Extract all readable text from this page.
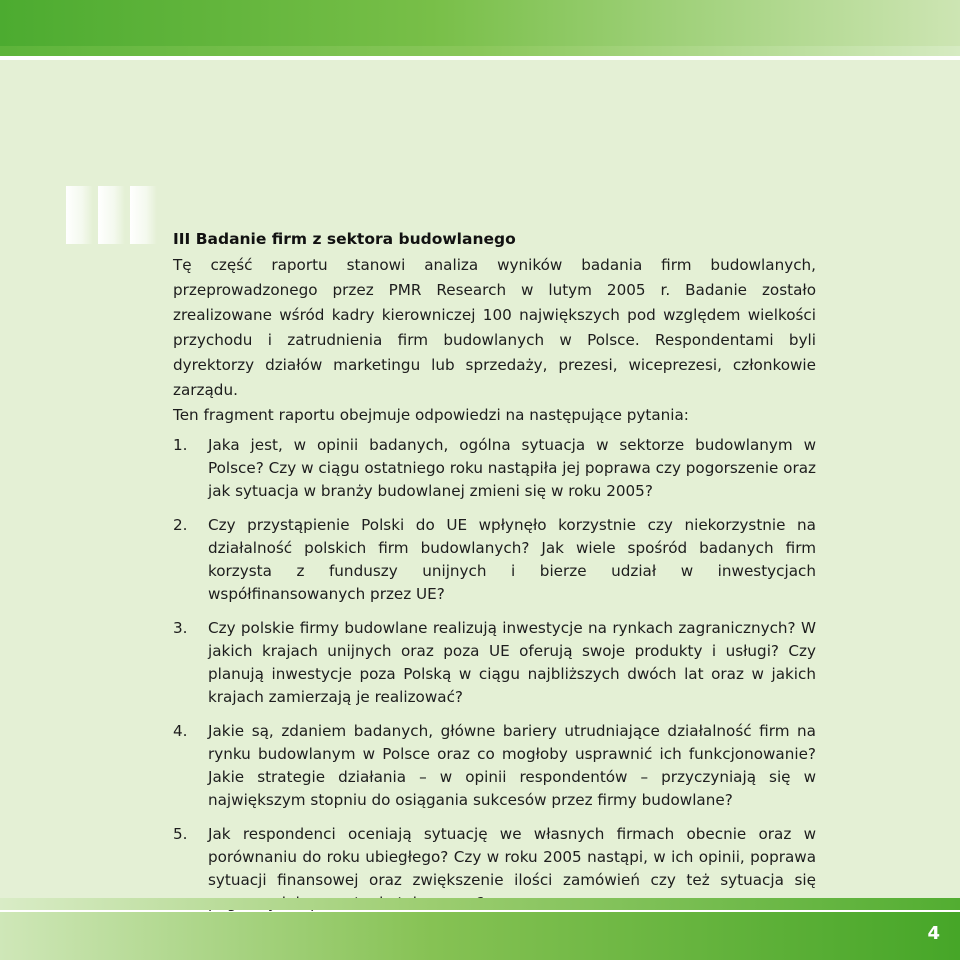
III Badanie firm z sektora budowlanego

Tę część raportu stanowi analiza wyników badania firm budowlanych, przeprowadzonego przez PMR Research w lutym 2005 r. Badanie zostało zrealizowane wśród kadry kierowniczej 100 największych pod względem wielkości przychodu i zatrudnienia firm budowlanych w Polsce. Respondentami byli dyrektorzy działów marketingu lub sprzedaży, prezesi, wiceprezesi, członkowie zarządu.

Ten fragment raportu obejmuje odpowiedzi na następujące pytania:

1. Jaka jest, w opinii badanych, ogólna sytuacja w sektorze budowlanym w Polsce? Czy w ciągu ostatniego roku nastąpiła jej poprawa czy pogorszenie oraz jak sytuacja w branży budowlanej zmieni się w roku 2005?
2. Czy przystąpienie Polski do UE wpłynęło korzystnie czy niekorzystnie na działalność polskich firm budowlanych? Jak wiele spośród badanych firm korzysta z funduszy unijnych i bierze udział w inwestycjach współfinansowanych przez UE?
3. Czy polskie firmy budowlane realizują inwestycje na rynkach zagranicznych? W jakich krajach unijnych oraz poza UE oferują swoje produkty i usługi? Czy planują inwestycje poza Polską w ciągu najbliższych dwóch lat oraz w jakich krajach zamierzają je realizować?
4. Jakie są, zdaniem badanych, główne bariery utrudniające działalność firm na rynku budowlanym w Polsce oraz co mogłoby usprawnić ich funkcjonowanie? Jakie strategie działania – w opinii respondentów – przyczyniają się w największym stopniu do osiągania sukcesów przez firmy budowlane?
5. Jak respondenci oceniają sytuację we własnych firmach obecnie oraz w porównaniu do roku ubiegłego? Czy w roku 2005 nastąpi, w ich opinii, poprawa sytuacji finansowej oraz zwiększenie ilości zamówień czy też sytuacja się
4
